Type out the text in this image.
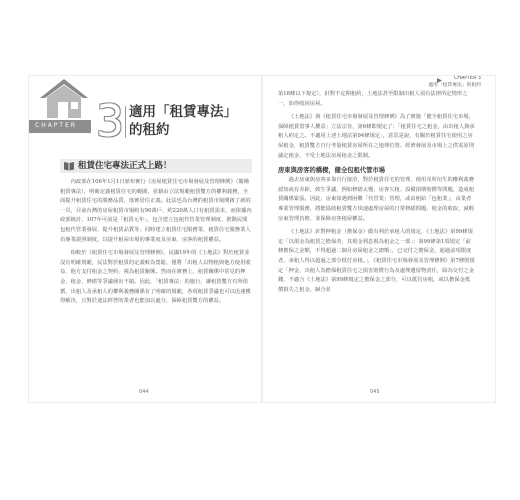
CHAPTER 3 適用「租賃專法」
的租約
租賃住宅專法正式上路！

內政部在106年1月1日頒布實行《房屋租賃住宅市場發展及管理條例》（簡稱租賃專法），明確定義租賃住宅的範圍，並藉由立法規範租賃雙方的權利義務，全面提升租賃住宅的服務品質，落實居住正義。此法也為台灣的租賃市場開啟了新的一頁，目前台灣的房屋租賃市場約有90萬戶、約220萬人口有租賃需求，而依據內政部統計，107年可說是「租賃元年」，包含建立包租代管業管理制度、推動民間包租代管業發展、提升租賃品質等，同時建立租賃住宅服務業、租賃住宅服務業人員專業證照制度，以提升租屋市場的專業度及房東、房客的租賃權益。

相較於《租賃住宅市場發展及管理條例》，民國19年的《土地法》對於租賃並沒有明確規範，民法對於租賃的定義較為寬鬆，僅將「出租人以物租與他方使用收益，他方支付租金之契約」視為租賃關係。然而在實務上，租賃關係中常見的押金、租金、修繕等爭議層出不窮。因此，「租賃專法」的施行，讓租賃雙方有所依循，出租人及承租人的權利義務關係有了明確的規範，各項租賃爭議也可以迅速獲得解決，且對於違法經營的業者也能加以處分，保障租賃雙方的權益。

044
CHAPTER 3
適用「租賃專法」的租約

第18條以下規定），針對不定期租約，土地法甚至限制出租人須有法律所定情形之一，始得收回房屋。

《土地法》與《租賃住宅市場發展及管理條例》為了實施「健全租賃住宅市場，保障租賃當事人權益」立法宗旨，第6條即規定了：「租賃住宅之租金，由出租人與承租人約定之。不適用上述土地法第94條規定」，意思是說，有關於租賃住宅使用之房屋租金，租賃雙方自行考量租賃房屋所在之地理位置、經濟發展及市場上之供需原則議定租金，不受土地法房屋租金之限制。

房東與房客的橋樑，健全包租代管市場

過去房東與房客多靠自行接洽，對於租賃住宅的管理、使用及所衍生的權利義務認知或有差距，致生爭議，例如修繕太慢、房客欠租、設備損壞賠償等問題，造成租賃關係緊張。因此，房東如遇到困難「代管業」管理，或由租給「包租業」，由業者專業管理服務，將能協助租賃雙方快速處理房屋的日常修繕問題、租金的收取，減輕房東管理負擔、並保障房客租屋權益。

《土地法》針對押租金（擔保金）做有利於承租人的規定，《土地法》第99條規定「以現金為租賃之擔保者，其現金利息視為租金之一部」；第99條第1項規定「前條擔保之金額，不得超過二個月房屋租金之總額」，已交付之擔保金，超過前項限度者，承租人得以超過之部分抵付房租。」，《租賃住宅市場發展及管理條例》第7條則規定「押金，出租人為擔保租賃住宅之損害賠償行為及處理遺留物責任，除為交付之金錢，不適合《土地法》第99條規定之擔保金之部分，可以抵付房租，或以擔保金抵償損失之租金，歸合並

045
